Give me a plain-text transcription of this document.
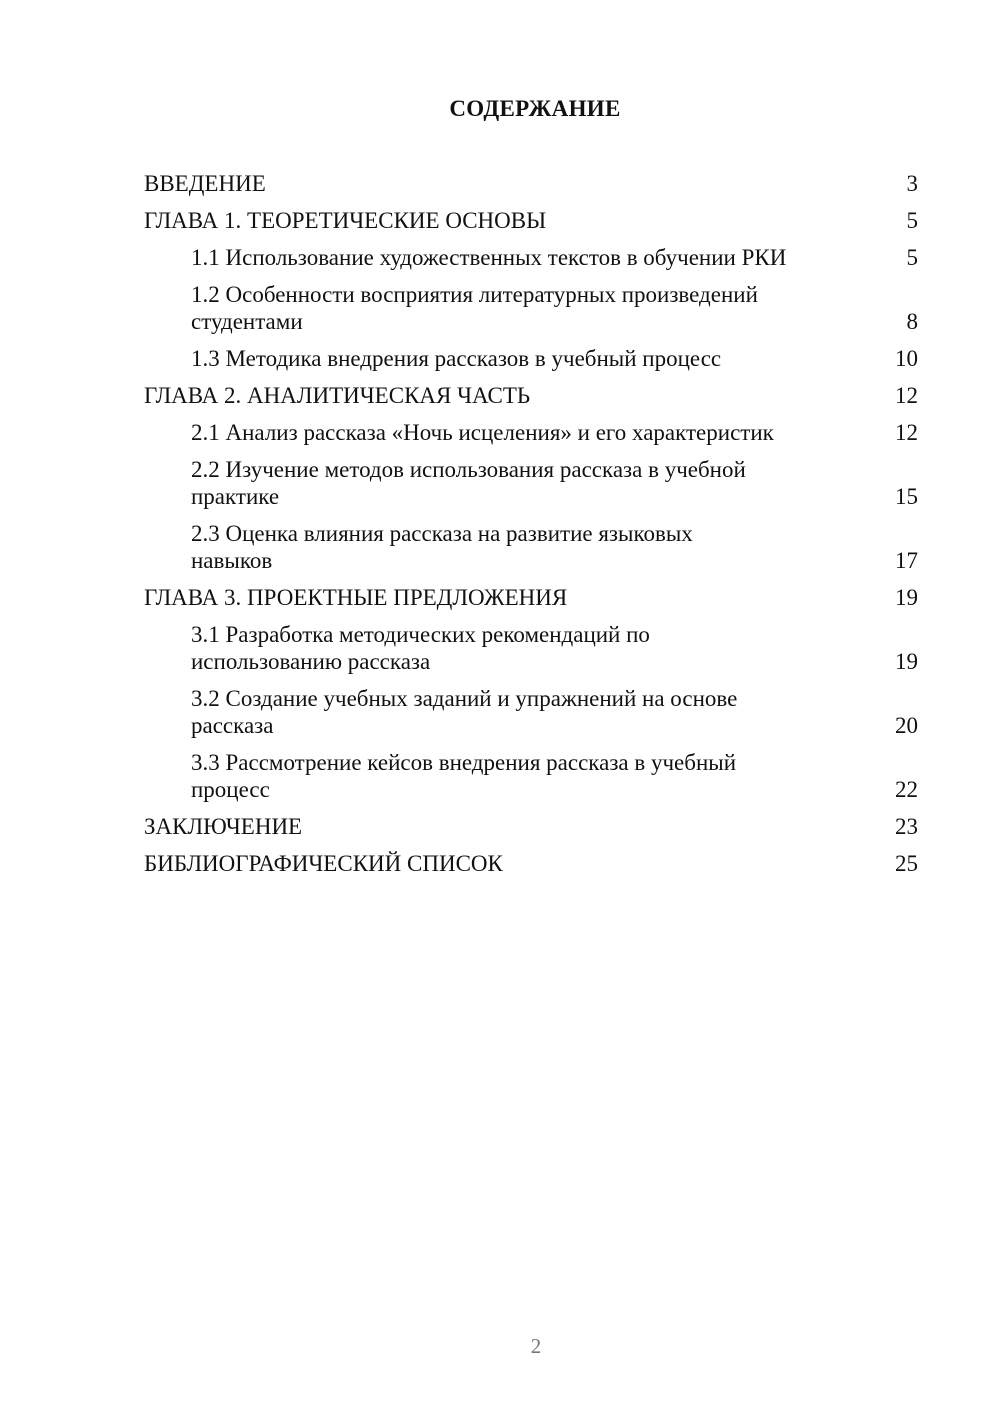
СОДЕРЖАНИЕ
ВВЕДЕНИЕ	3
ГЛАВА 1. ТЕОРЕТИЧЕСКИЕ ОСНОВЫ	5
1.1 Использование художественных текстов в обучении РКИ	5
1.2 Особенности восприятия литературных произведений студентами	8
1.3 Методика внедрения рассказов в учебный процесс	10
ГЛАВА 2. АНАЛИТИЧЕСКАЯ ЧАСТЬ	12
2.1 Анализ рассказа «Ночь исцеления» и его характеристик	12
2.2 Изучение методов использования рассказа в учебной практике	15
2.3 Оценка влияния рассказа на развитие языковых навыков	17
ГЛАВА 3. ПРОЕКТНЫЕ ПРЕДЛОЖЕНИЯ	19
3.1 Разработка методических рекомендаций по использованию рассказа	19
3.2 Создание учебных заданий и упражнений на основе рассказа	20
3.3 Рассмотрение кейсов внедрения рассказа в учебный процесс	22
ЗАКЛЮЧЕНИЕ	23
БИБЛИОГРАФИЧЕСКИЙ СПИСОК	25
2
